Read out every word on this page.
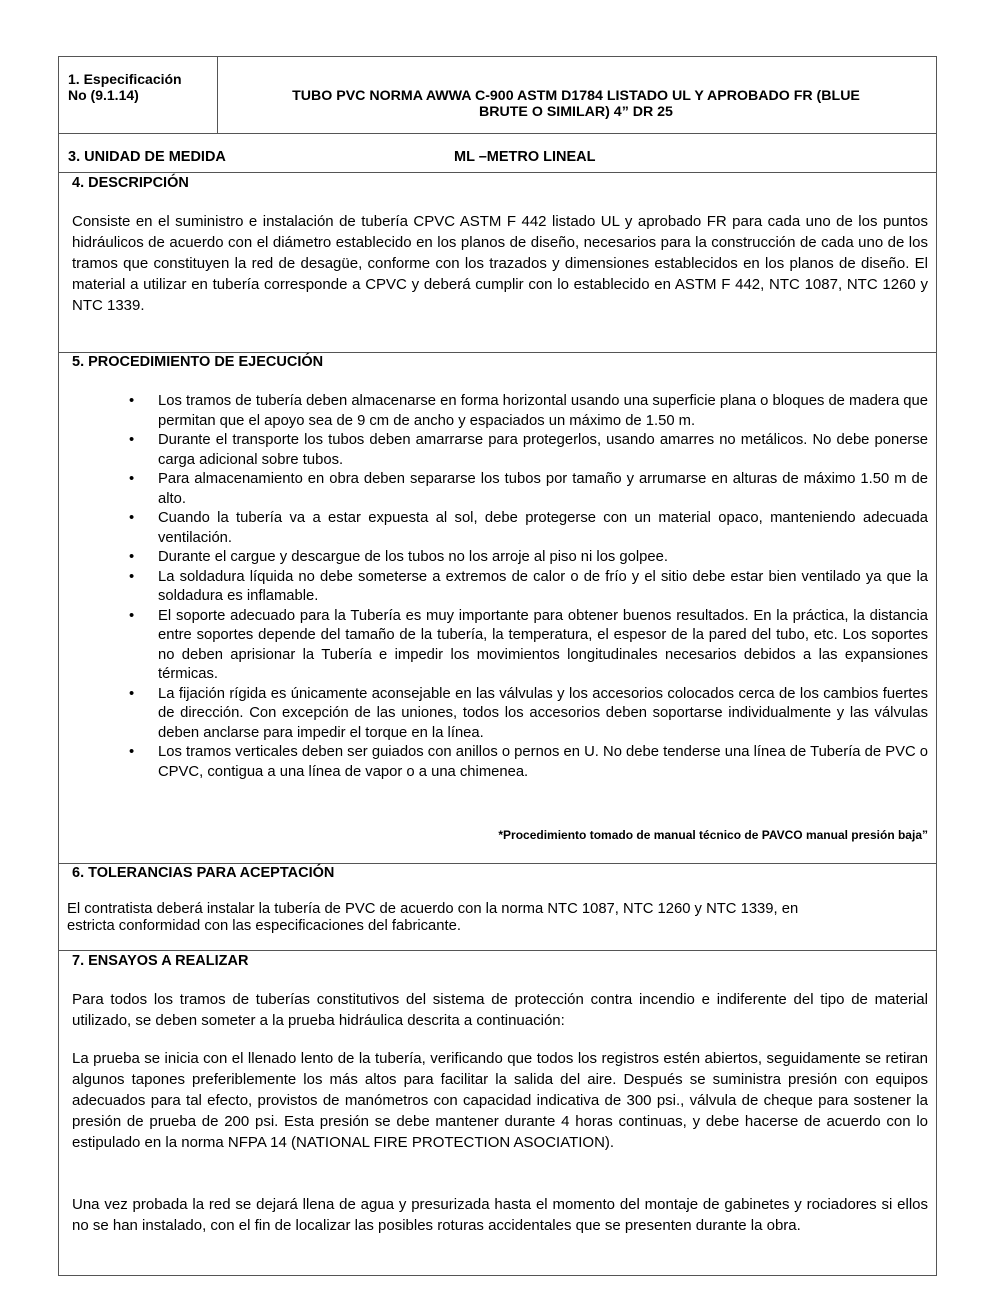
1. Especificación
No (9.1.14)	TUBO PVC NORMA AWWA C-900 ASTM D1784 LISTADO UL Y APROBADO FR (BLUE
BRUTE O SIMILAR) 4” DR 25
3. UNIDAD DE MEDIDA	ML –METRO LINEAL
4. DESCRIPCIÓN
Consiste en el suministro e instalación de tubería CPVC ASTM F 442 listado UL y aprobado FR para cada uno de los puntos hidráulicos de acuerdo con el diámetro establecido en los planos de diseño, necesarios para la construcción de cada uno de los tramos que constituyen la red de desagüe, conforme con los trazados y dimensiones establecidos en los planos de diseño. El material a utilizar en tubería corresponde a CPVC y deberá cumplir con lo establecido en ASTM F 442, NTC 1087, NTC 1260 y NTC 1339.
5. PROCEDIMIENTO DE EJECUCIÓN
• Los tramos de tubería deben almacenarse en forma horizontal usando una superficie plana o bloques de madera que permitan que el apoyo sea de 9 cm de ancho y espaciados un máximo de 1.50 m.
• Durante el transporte los tubos deben amarrarse para protegerlos, usando amarres no metálicos. No debe ponerse carga adicional sobre tubos.
• Para almacenamiento en obra deben separarse los tubos por tamaño y arrumarse en alturas de máximo 1.50 m de alto.
• Cuando la tubería va a estar expuesta al sol, debe protegerse con un material opaco, manteniendo adecuada ventilación.
• Durante el cargue y descargue de los tubos no los arroje al piso ni los golpee.
• La soldadura líquida no debe someterse a extremos de calor o de frío y el sitio debe estar bien ventilado ya que la soldadura es inflamable.
• El soporte adecuado para la Tubería es muy importante para obtener buenos resultados. En la práctica, la distancia entre soportes depende del tamaño de la tubería, la temperatura, el espesor de la pared del tubo, etc. Los soportes no deben aprisionar la Tubería e impedir los movimientos longitudinales necesarios debidos a las expansiones térmicas.
• La fijación rígida es únicamente aconsejable en las válvulas y los accesorios colocados cerca de los cambios fuertes de dirección. Con excepción de las uniones, todos los accesorios deben soportarse individualmente y las válvulas deben anclarse para impedir el torque en la línea.
• Los tramos verticales deben ser guiados con anillos o pernos en U. No debe tenderse una línea de Tubería de PVC o CPVC, contigua a una línea de vapor o a una chimenea.
*Procedimiento tomado de manual técnico de PAVCO manual presión baja”
6. TOLERANCIAS PARA ACEPTACIÓN
El contratista deberá instalar la tubería de PVC de acuerdo con la norma NTC 1087, NTC 1260 y NTC 1339, en
estricta conformidad con las especificaciones del fabricante.
7. ENSAYOS A REALIZAR
Para todos los tramos de tuberías constitutivos del sistema de protección contra incendio e indiferente del tipo de material utilizado, se deben someter a la prueba hidráulica descrita a continuación:
La prueba se inicia con el llenado lento de la tubería, verificando que todos los registros estén abiertos, seguidamente se retiran algunos tapones preferiblemente los más altos para facilitar la salida del aire. Después se suministra presión con equipos adecuados para tal efecto, provistos de manómetros con capacidad indicativa de 300 psi., válvula de cheque para sostener la presión de prueba de 200 psi. Esta presión se debe mantener durante 4 horas continuas, y debe hacerse de acuerdo con lo estipulado en la norma NFPA 14 (NATIONAL FIRE PROTECTION ASOCIATION).
Una vez probada la red se dejará llena de agua y presurizada hasta el momento del montaje de gabinetes y rociadores si ellos no se han instalado, con el fin de localizar las posibles roturas accidentales que se presenten durante la obra.
